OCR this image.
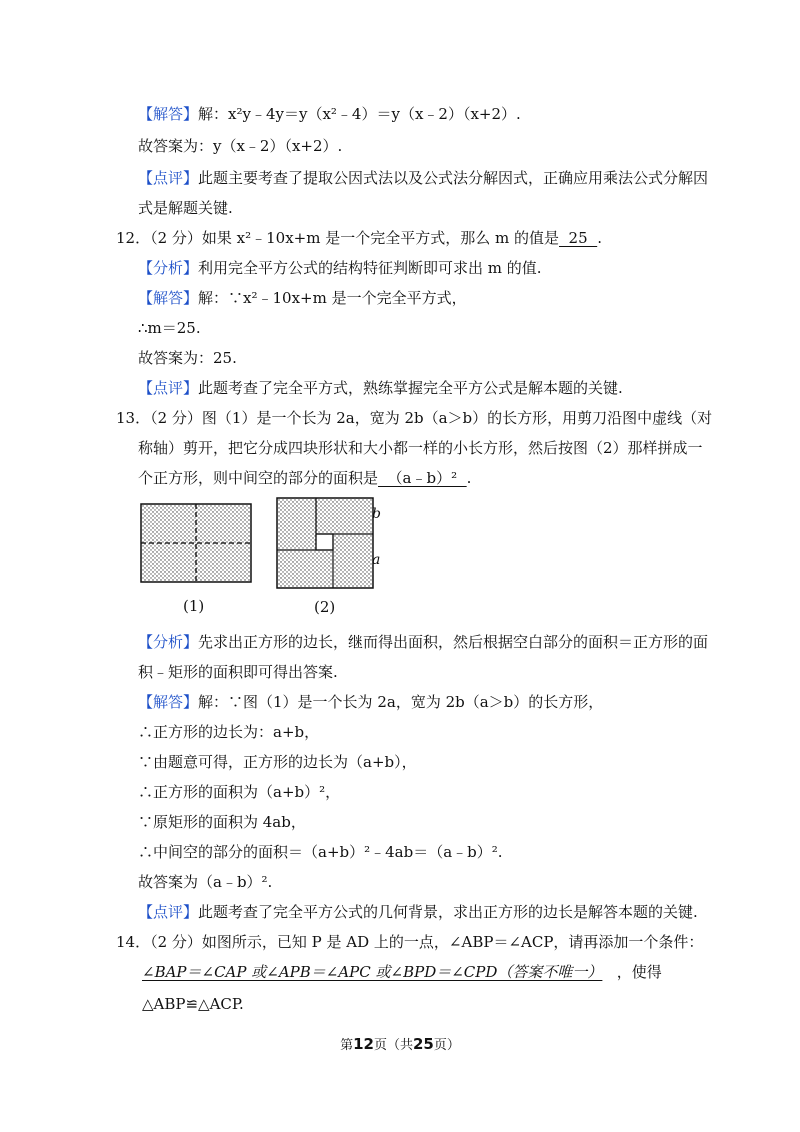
【解答】解：x²y﹣4y＝y（x²﹣4）＝y（x﹣2）（x+2）.
故答案为：y（x﹣2）（x+2）.
【点评】此题主要考查了提取公因式法以及公式法分解因式，正确应用乘法公式分解因
式是解题关键.
12．（2 分）如果 x²﹣10x+m 是一个完全平方式，那么 m 的值是  25  .
【分析】利用完全平方公式的结构特征判断即可求出 m 的值.
【解答】解：∵x²﹣10x+m 是一个完全平方式，
∴m＝25.
故答案为：25.
【点评】此题考查了完全平方式，熟练掌握完全平方公式是解本题的关键.
13．（2 分）图（1）是一个长为 2a，宽为 2b（a＞b）的长方形，用剪刀沿图中虚线（对
称轴）剪开，把它分成四块形状和大小都一样的小长方形，然后按图（2）那样拼成一
个正方形，则中间空的部分的面积是  （a﹣b）²  .
(1)
b
a
(2)
【分析】先求出正方形的边长，继而得出面积，然后根据空白部分的面积＝正方形的面
积﹣矩形的面积即可得出答案.
【解答】解：∵图（1）是一个长为 2a，宽为 2b（a＞b）的长方形，
∴正方形的边长为：a+b，
∵由题意可得，正方形的边长为（a+b），
∴正方形的面积为（a+b）²，
∵原矩形的面积为 4ab，
∴中间空的部分的面积＝（a+b）²﹣4ab＝（a﹣b）².
故答案为（a﹣b）².
【点评】此题考查了完全平方公式的几何背景，求出正方形的边长是解答本题的关键.
14．（2 分）如图所示，已知 P 是 AD 上的一点，∠ABP＝∠ACP，请再添加一个条件：
∠BAP＝∠CAP 或∠APB＝∠APC 或∠BPD＝∠CPD（答案不唯一） ，使得
△ABP≌△ACP.
第12页（共25页）
